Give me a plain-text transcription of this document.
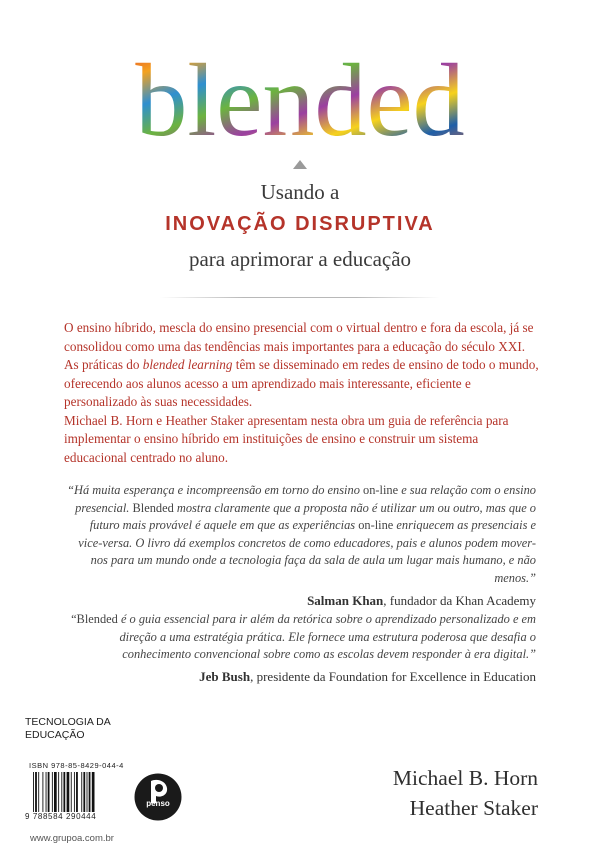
blended
Usando a
INOVAÇÃO DISRUPTIVA
para aprimorar a educação

O ensino híbrido, mescla do ensino presencial com o virtual dentro e fora da escola, já se consolidou como uma das tendências mais importantes para a educação do século XXI. As práticas do blended learning têm se disseminado em redes de ensino de todo o mundo, oferecendo aos alunos acesso a um aprendizado mais interessante, eficiente e personalizado às suas necessidades.

Michael B. Horn e Heather Staker apresentam nesta obra um guia de referência para implementar o ensino híbrido em instituições de ensino e construir um sistema educacional centrado no aluno.

“Há muita esperança e incompreensão em torno do ensino on-line e sua relação com o ensino presencial. Blended mostra claramente que a proposta não é utilizar um ou outro, mas que o futuro mais provável é aquele em que as experiências on-line enriquecem as presenciais e vice-versa. O livro dá exemplos concretos de como educadores, pais e alunos podem mover-nos para um mundo onde a tecnologia faça da sala de aula um lugar mais humano, e não menos.”
Salman Khan, fundador da Khan Academy
“Blended é o guia essencial para ir além da retórica sobre o aprendizado personalizado e em direção a uma estratégia prática. Ele fornece uma estrutura poderosa que desafia o conhecimento convencional sobre como as escolas devem responder à era digital.”
Jeb Bush, presidente da Foundation for Excellence in Education
TECNOLOGIA DA
EDUCAÇÃO
ISBN 978-85-8429-044-4
9 788584 290444
www.grupoa.com.br
penso
Michael B. Horn
Heather Staker
